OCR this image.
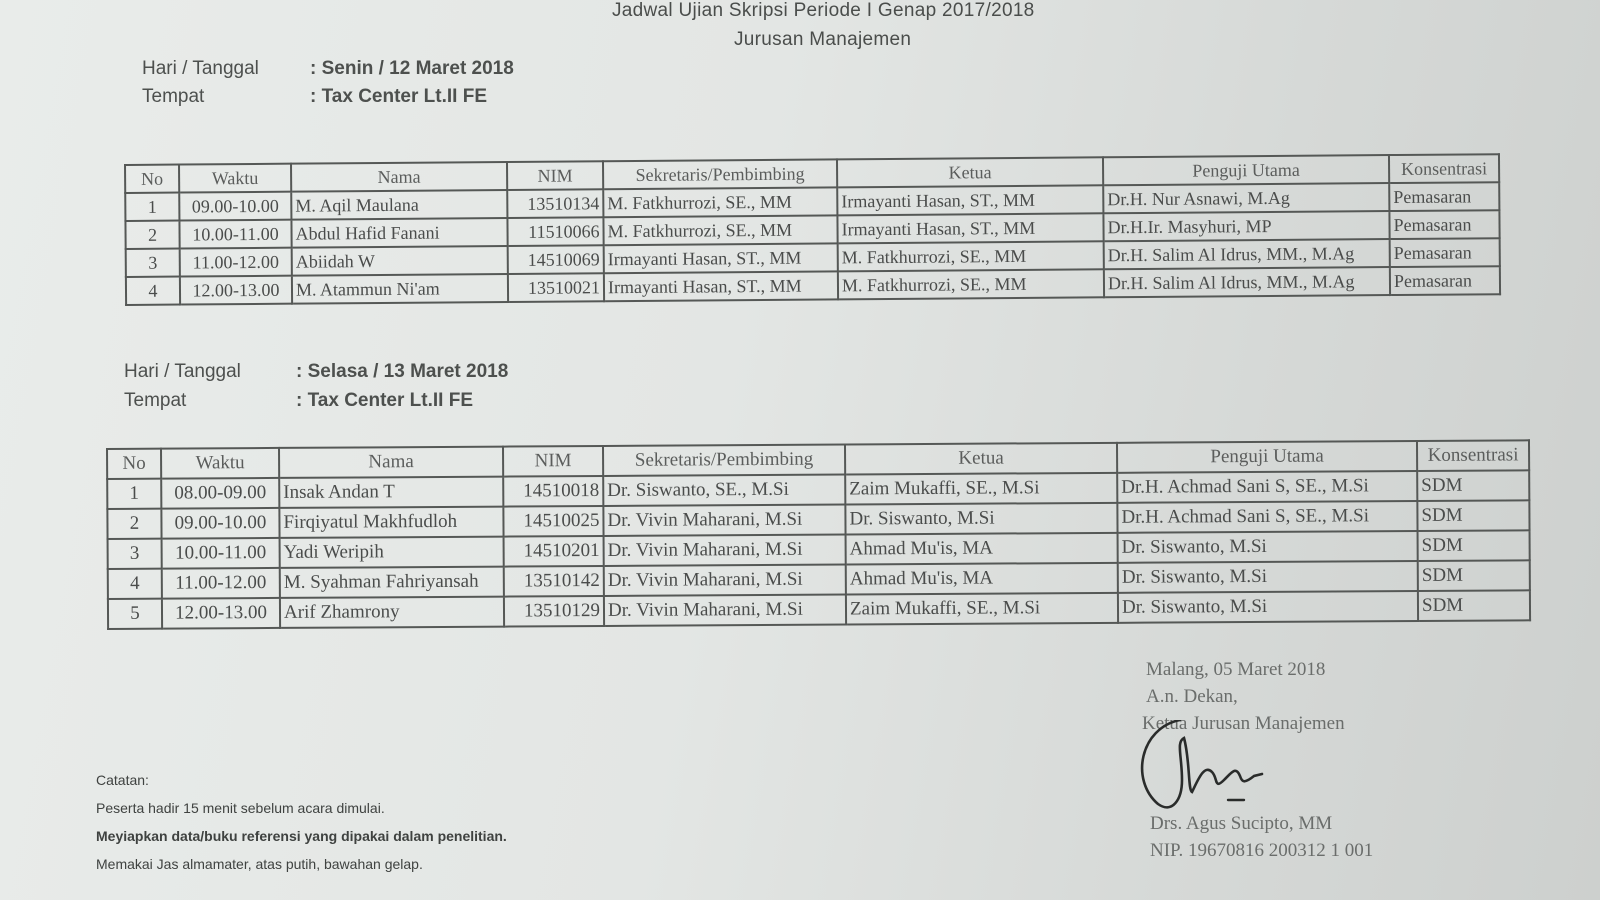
Jadwal Ujian Skripsi Periode I Genap 2017/2018
Jurusan Manajemen
Hari / Tanggal	: Senin / 12 Maret 2018
Tempat	: Tax Center Lt.II FE
No	Waktu	Nama	NIM	Sekretaris/Pembimbing	Ketua	Penguji Utama	Konsentrasi
1	09.00-10.00	M. Aqil Maulana	13510134	M. Fatkhurrozi, SE., MM	Irmayanti Hasan, ST., MM	Dr.H. Nur Asnawi, M.Ag	Pemasaran
2	10.00-11.00	Abdul Hafid Fanani	11510066	M. Fatkhurrozi, SE., MM	Irmayanti Hasan, ST., MM	Dr.H.Ir. Masyhuri, MP	Pemasaran
3	11.00-12.00	Abiidah W	14510069	Irmayanti Hasan, ST., MM	M. Fatkhurrozi, SE., MM	Dr.H. Salim Al Idrus, MM., M.Ag	Pemasaran
4	12.00-13.00	M. Atammun Ni'am	13510021	Irmayanti Hasan, ST., MM	M. Fatkhurrozi, SE., MM	Dr.H. Salim Al Idrus, MM., M.Ag	Pemasaran
Hari / Tanggal	: Selasa / 13 Maret 2018
Tempat	: Tax Center Lt.II FE
No	Waktu	Nama	NIM	Sekretaris/Pembimbing	Ketua	Penguji Utama	Konsentrasi
1	08.00-09.00	Insak Andan T	14510018	Dr. Siswanto, SE., M.Si	Zaim Mukaffi, SE., M.Si	Dr.H. Achmad Sani S, SE., M.Si	SDM
2	09.00-10.00	Firqiyatul Makhfudloh	14510025	Dr. Vivin Maharani, M.Si	Dr. Siswanto, M.Si	Dr.H. Achmad Sani S, SE., M.Si	SDM
3	10.00-11.00	Yadi Weripih	14510201	Dr. Vivin Maharani, M.Si	Ahmad Mu'is, MA	Dr. Siswanto, M.Si	SDM
4	11.00-12.00	M. Syahman Fahriyansah	13510142	Dr. Vivin Maharani, M.Si	Ahmad Mu'is, MA	Dr. Siswanto, M.Si	SDM
5	12.00-13.00	Arif Zhamrony	13510129	Dr. Vivin Maharani, M.Si	Zaim Mukaffi, SE., M.Si	Dr. Siswanto, M.Si	SDM
Malang, 05 Maret 2018
A.n. Dekan,
Ketua Jurusan Manajemen
Drs. Agus Sucipto, MM
NIP. 19670816 200312 1 001
Catatan:
Peserta hadir 15 menit sebelum acara dimulai.
Meyiapkan data/buku referensi yang dipakai dalam penelitian.
Memakai Jas almamater, atas putih, bawahan gelap.
